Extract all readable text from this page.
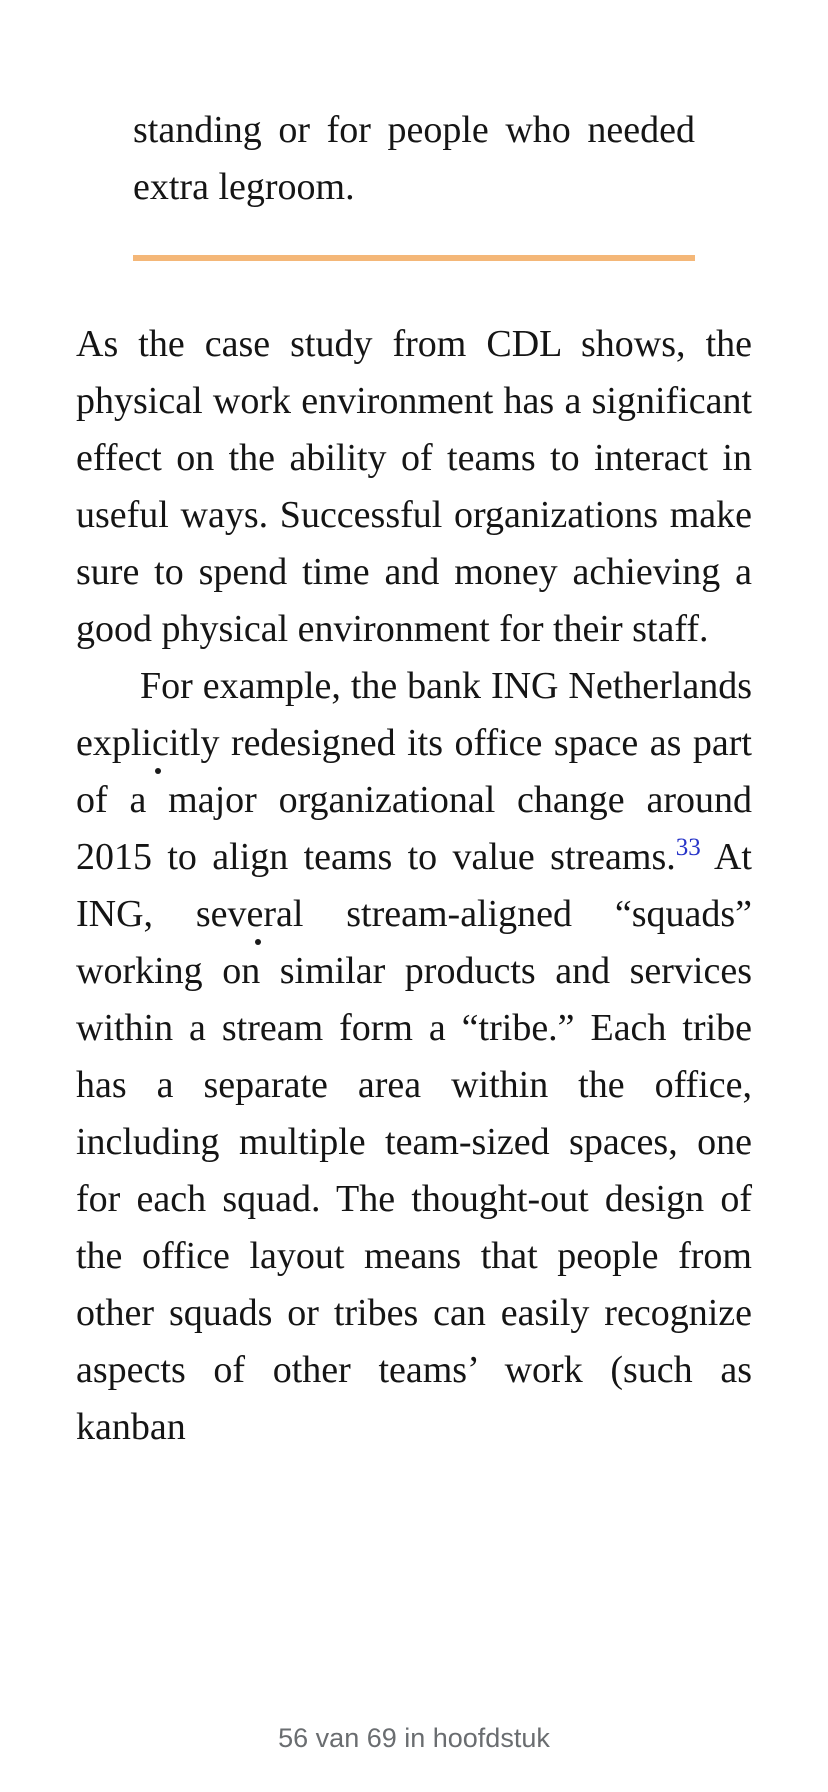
standing or for people who needed extra legroom.

As the case study from CDL shows, the physical work environment has a significant effect on the ability of teams to interact in useful ways. Successful organizations make sure to spend time and money achieving a good physical environment for their staff.

For example, the bank ING Netherlands explicitly redesigned its office space as part of a major organizational change around 2015 to align teams to value streams.$^{33}$ At ING, several stream-aligned “squads” working on similar products and services within a stream form a “tribe.” Each tribe has a separate area within the office, including multiple team-sized spaces, one for each squad. The thought-out design of the office layout means that people from other squads or tribes can easily recognize aspects of other teams’ work (such as kanban

56 van 69 in hoofdstuk
